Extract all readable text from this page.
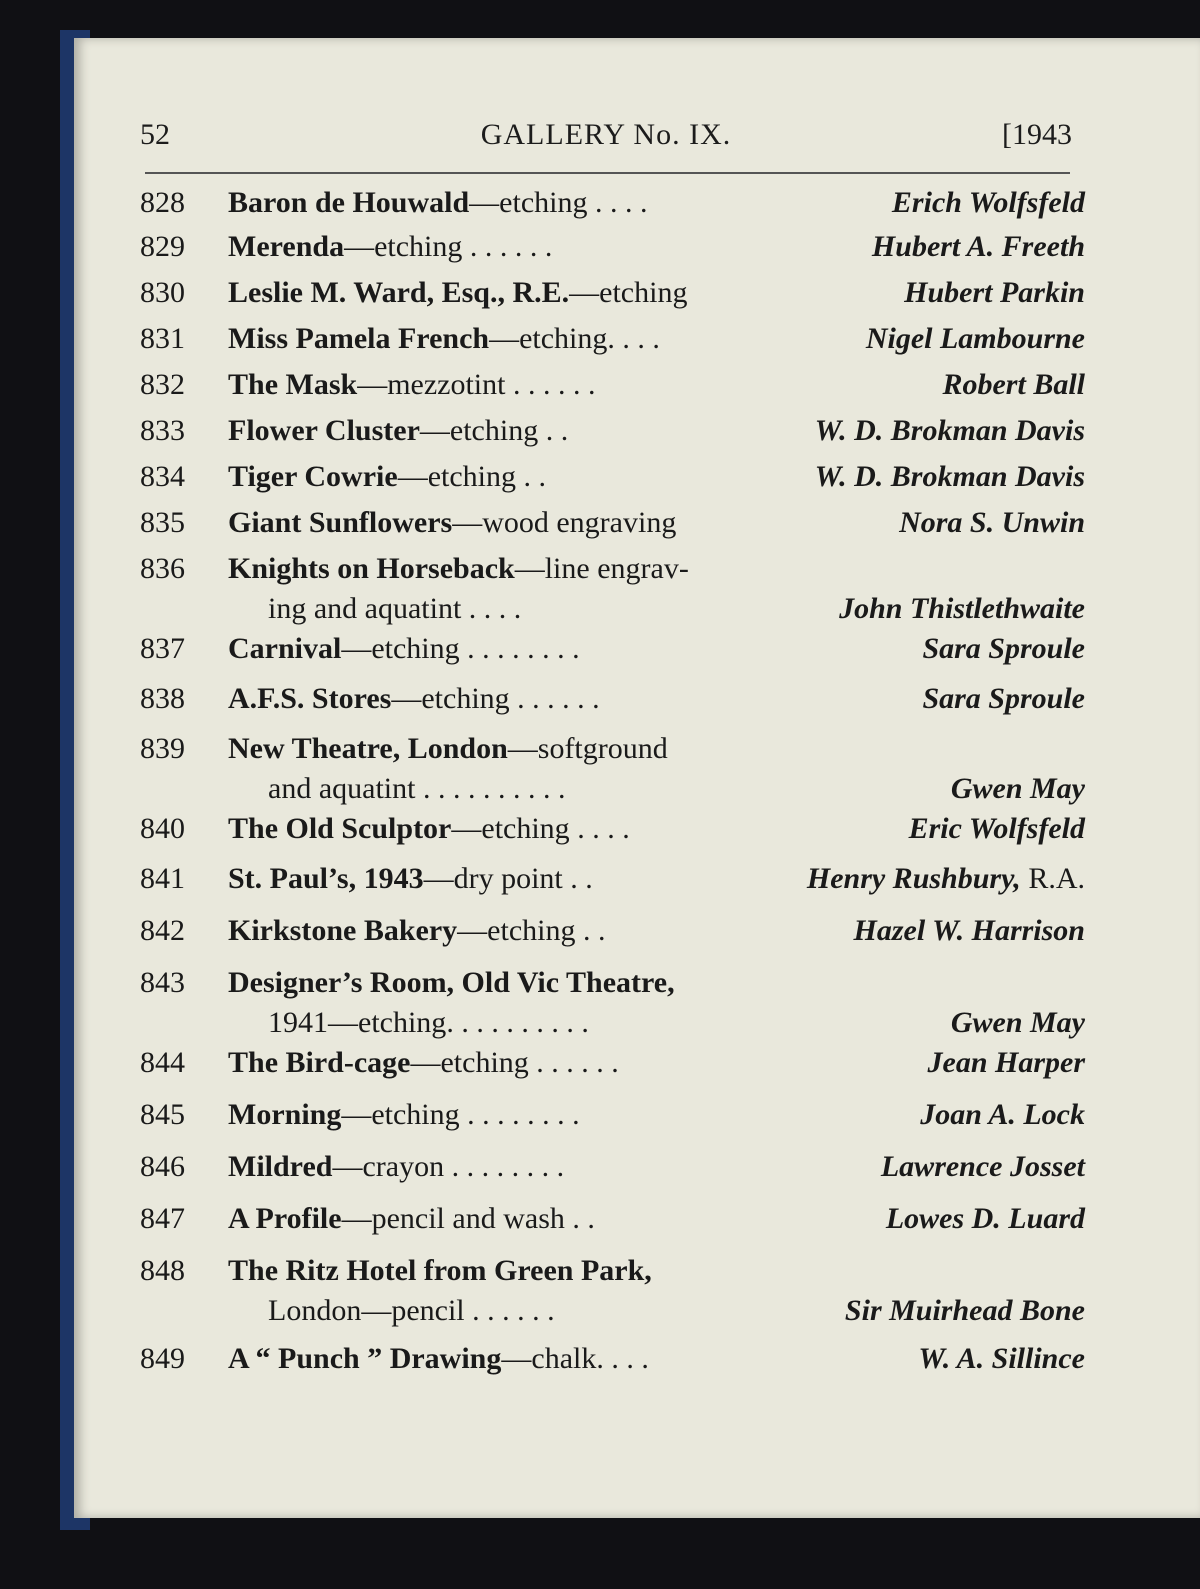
52	GALLERY No. IX.	[1943
828 Baron de Houwald—etching . . . .	Erich Wolfsfeld
829 Merenda—etching . . . . . .	Hubert A. Freeth
830 Leslie M. Ward, Esq., R.E.—etching	Hubert Parkin
831 Miss Pamela French—etching. . . .	Nigel Lambourne
832 The Mask—mezzotint . . . . . .	Robert Ball
833 Flower Cluster—etching . .	W. D. Brokman Davis
834 Tiger Cowrie—etching . .	W. D. Brokman Davis
835 Giant Sunflowers—wood engraving	Nora S. Unwin
836 Knights on Horseback—line engrav-
ing and aquatint . . . .	John Thistlethwaite
837 Carnival—etching . . . . . . . .	Sara Sproule
838 A.F.S. Stores—etching . . . . . .	Sara Sproule
839 New Theatre, London—softground
and aquatint . . . . . . . . . .	Gwen May
840 The Old Sculptor—etching . . . .	Eric Wolfsfeld
841 St. Paul’s, 1943—dry point . .	Henry Rushbury, R.A.
842 Kirkstone Bakery—etching . .	Hazel W. Harrison
843 Designer’s Room, Old Vic Theatre,
1941—etching. . . . . . . . . .	Gwen May
844 The Bird-cage—etching . . . . . .	Jean Harper
845 Morning—etching . . . . . . . .	Joan A. Lock
846 Mildred—crayon . . . . . . . .	Lawrence Josset
847 A Profile—pencil and wash . .	Lowes D. Luard
848 The Ritz Hotel from Green Park,
London—pencil . . . . . .	Sir Muirhead Bone
849 A “ Punch ” Drawing—chalk. . . .	W. A. Sillince
